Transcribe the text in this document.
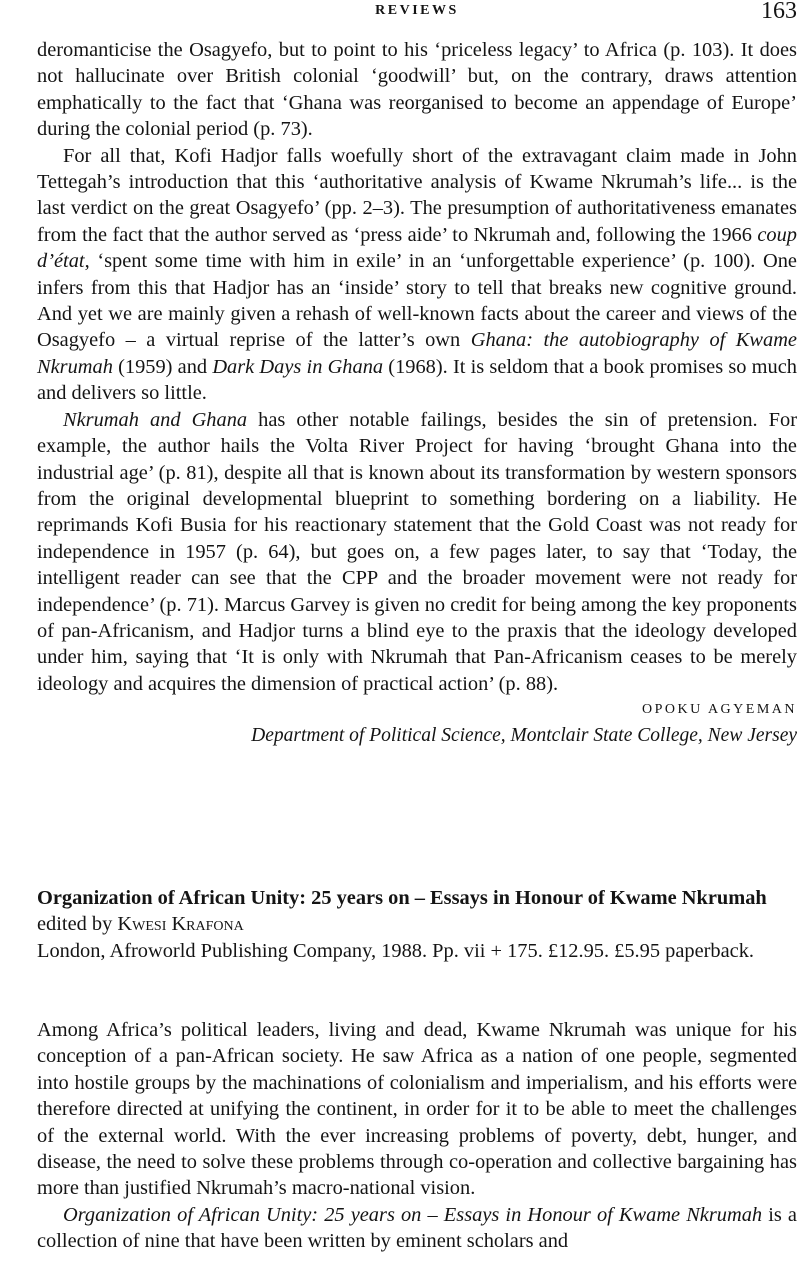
REVIEWS	163

deromanticise the Osagyefo, but to point to his ‘priceless legacy’ to Africa (p. 103). It does not hallucinate over British colonial ‘goodwill’ but, on the contrary, draws attention emphatically to the fact that ‘Ghana was reorganised to become an appendage of Europe’ during the colonial period (p. 73).

For all that, Kofi Hadjor falls woefully short of the extravagant claim made in John Tettegah’s introduction that this ‘authoritative analysis of Kwame Nkrumah’s life... is the last verdict on the great Osagyefo’ (pp. 2–3). The presumption of authoritativeness emanates from the fact that the author served as ‘press aide’ to Nkrumah and, following the 1966 coup d’état, ‘spent some time with him in exile’ in an ‘unforgettable experience’ (p. 100). One infers from this that Hadjor has an ‘inside’ story to tell that breaks new cognitive ground. And yet we are mainly given a rehash of well-known facts about the career and views of the Osagyefo – a virtual reprise of the latter’s own Ghana: the autobiography of Kwame Nkrumah (1959) and Dark Days in Ghana (1968). It is seldom that a book promises so much and delivers so little.

Nkrumah and Ghana has other notable failings, besides the sin of pretension. For example, the author hails the Volta River Project for having ‘brought Ghana into the industrial age’ (p. 81), despite all that is known about its transformation by western sponsors from the original developmental blueprint to something bordering on a liability. He reprimands Kofi Busia for his reactionary statement that the Gold Coast was not ready for independence in 1957 (p. 64), but goes on, a few pages later, to say that ‘Today, the intelligent reader can see that the CPP and the broader movement were not ready for independence’ (p. 71). Marcus Garvey is given no credit for being among the key proponents of pan-Africanism, and Hadjor turns a blind eye to the praxis that the ideology developed under him, saying that ‘It is only with Nkrumah that Pan-Africanism ceases to be merely ideology and acquires the dimension of practical action’ (p. 88).

OPOKU AGYEMAN
Department of Political Science, Montclair State College, New Jersey

Organization of African Unity: 25 years on – Essays in Honour of Kwame Nkrumah edited by Kwesi Krafona

London, Afroworld Publishing Company, 1988. Pp. vii + 175. £12.95. £5.95 paperback.

Among Africa’s political leaders, living and dead, Kwame Nkrumah was unique for his conception of a pan-African society. He saw Africa as a nation of one people, segmented into hostile groups by the machinations of colonialism and imperialism, and his efforts were therefore directed at unifying the continent, in order for it to be able to meet the challenges of the external world. With the ever increasing problems of poverty, debt, hunger, and disease, the need to solve these problems through co-operation and collective bargaining has more than justified Nkrumah’s macro-national vision.

Organization of African Unity: 25 years on – Essays in Honour of Kwame Nkrumah is a collection of nine that have been written by eminent scholars and
